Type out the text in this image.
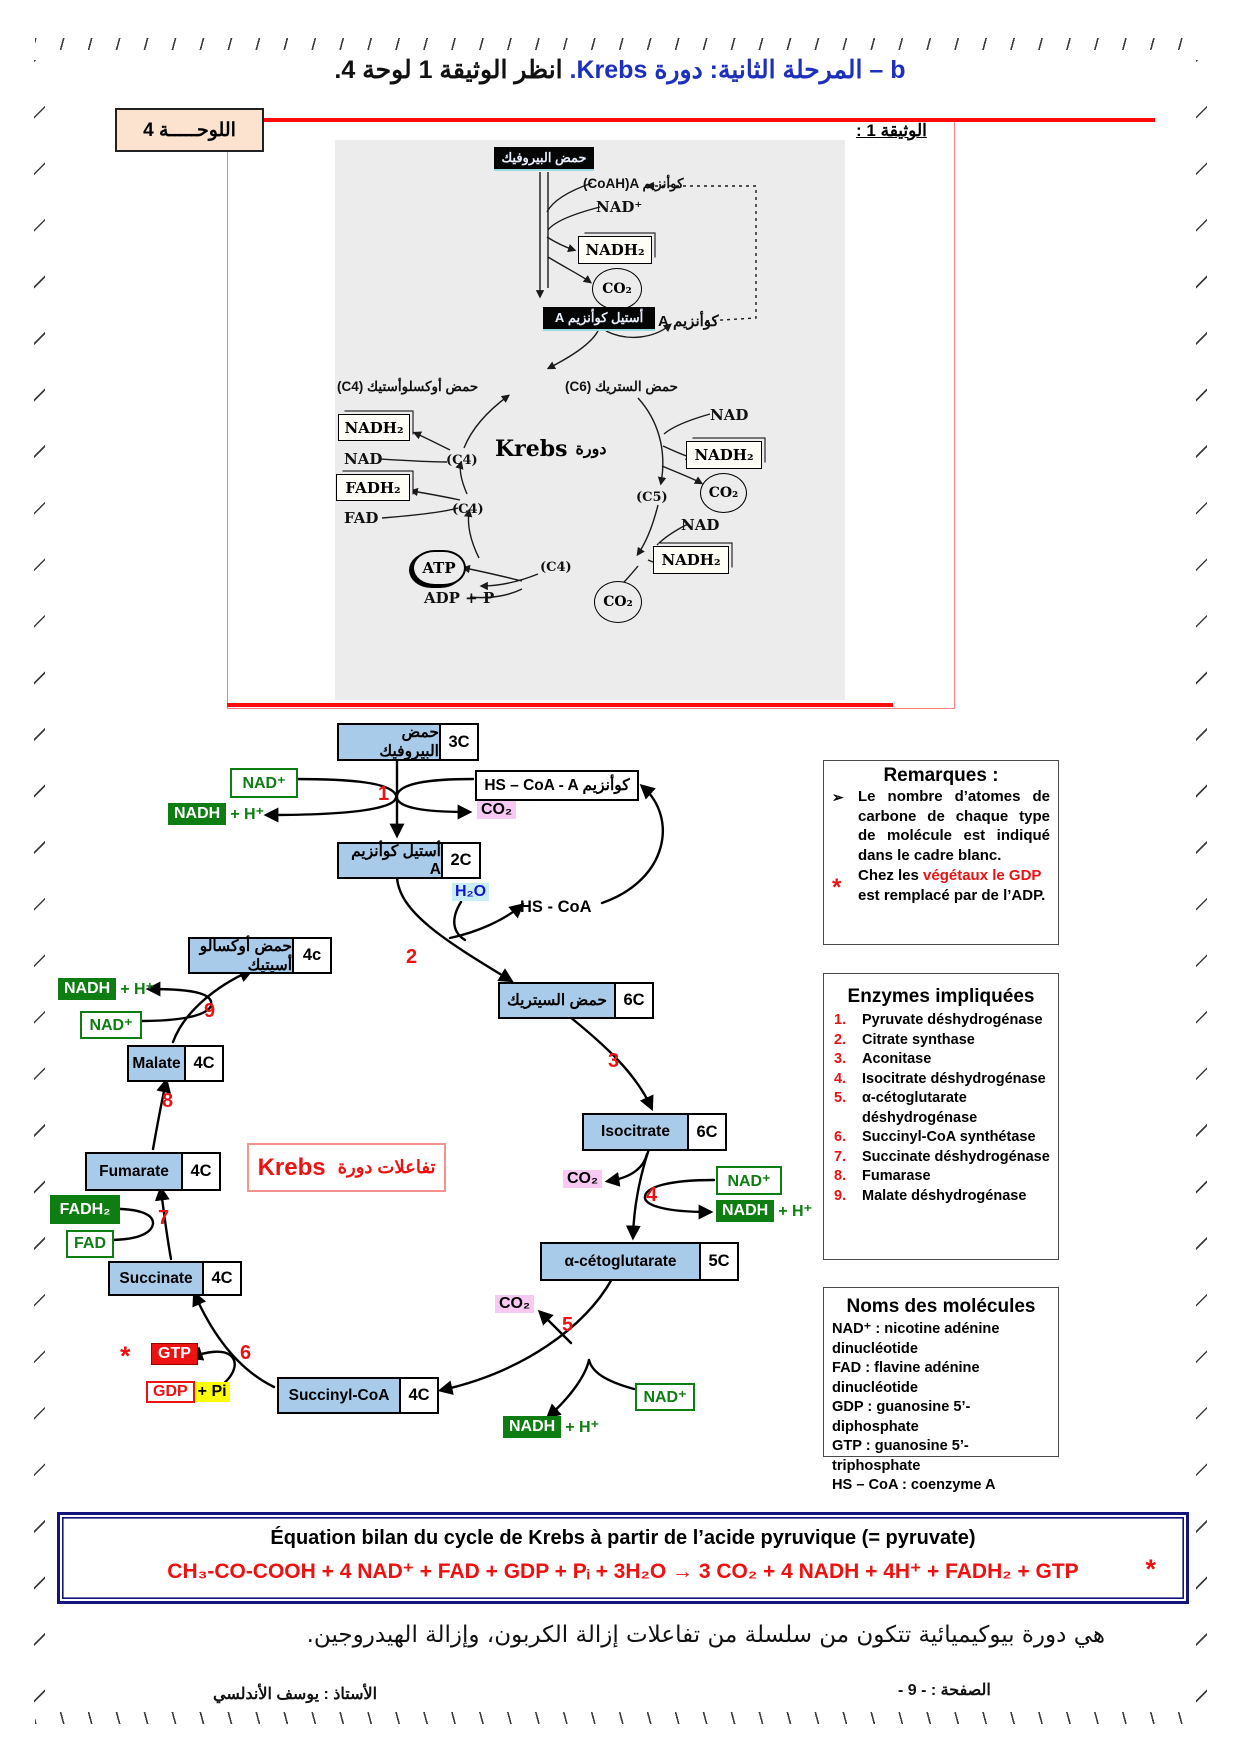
b – المرحلة الثانية: دورة Krebs. انظر الوثيقة 1 لوحة 4.
الوثيقة 1 :
اللوحـــــة 4
حمض البيروفيك
(CoAH)A كوأنزيم
NAD⁺
NADH₂
CO₂
أستيل كوأنزيم A كوأنزيم A
حمض أوكسلوأستيك (C4)	حمض الستريك (C6)
Krebs دورة
NADH₂
NAD	(C4)
FADH₂
FAD	(C4)
ATP
ADP + P
(C4)
CO₂
NADH₂
NAD
NADH₂
CO₂
(C5)
NAD
حمض البيروفيك
3C
أستيل كوأنزيم A
2C
حمض السيتريك 6C
Isocitrate	6C
α-cétoglutarate	5C
Succinyl-CoA	4C
Succinate	4C
Fumarate	4C
Malate 4C
حمض أوكسالو أسيتيك
4c
NAD⁺
NADH + H⁺
HS – CoA - A كوأنزيم
CO₂
H₂O
HS - CoA
CO₂	NAD⁺
NADH + H⁺
CO₂
NAD⁺
NADH + H⁺
FADH₂
FAD
*	GTP
GDP + Pi
NAD⁺
NADH + H⁺
1
2
3
4
5
6
7
8
9
تفاعلات دورة
Krebs
Remarques :
➢ Le nombre d’atomes de carbone de chaque type de molécule est indiqué dans le cadre blanc.
*	Chez les végétaux le GDP est remplacé par de l’ADP.
Enzymes impliquées
1.	Pyruvate déshydrogénase
2.	Citrate synthase
3.	Aconitase
4.	Isocitrate déshydrogénase
5.	α-cétoglutarate déshydrogénase
6.	Succinyl-CoA synthétase
7.	Succinate déshydrogénase
8.	Fumarase
9.	Malate déshydrogénase
Noms des molécules
NAD⁺ : nicotine adénine dinucléotide
FAD : flavine adénine dinucléotide
GDP : guanosine 5’-diphosphate
GTP : guanosine 5’-triphosphate
HS – CoA : coenzyme A
Équation bilan du cycle de Krebs à partir de l’acide pyruvique (= pyruvate)
CH₃-CO-COOH + 4 NAD⁺ + FAD + GDP + Pᵢ + 3H₂O → 3 CO₂ + 4 NADH + 4H⁺ + FADH₂ + GTP	*
هي دورة بيوكيميائية تتكون من سلسلة من تفاعلات إزالة الكربون، وإزالة الهيدروجين.
الصفحة : - 9 -
الأستاذ : يوسف الأندلسي
